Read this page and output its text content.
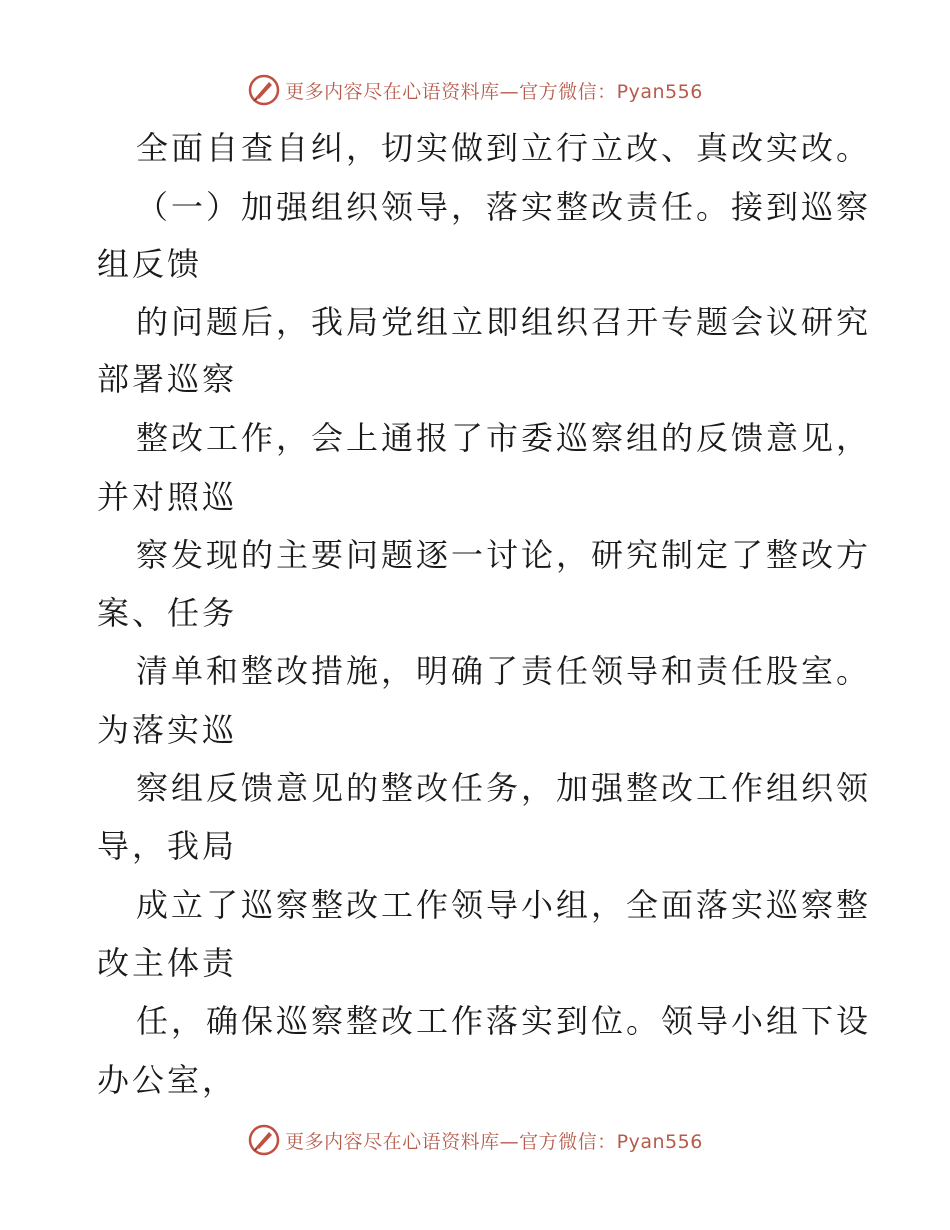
更多内容尽在心语资料库—官方微信：Pyan556
全面自查自纠，切实做到立行立改、真改实改。
（一）加强组织领导，落实整改责任。接到巡察
组反馈
的问题后，我局党组立即组织召开专题会议研究
部署巡察
整改工作，会上通报了市委巡察组的反馈意见，
并对照巡
察发现的主要问题逐一讨论，研究制定了整改方
案、任务
清单和整改措施，明确了责任领导和责任股室。
为落实巡
察组反馈意见的整改任务，加强整改工作组织领
导，我局
成立了巡察整改工作领导小组，全面落实巡察整
改主体责
任，确保巡察整改工作落实到位。领导小组下设
办公室，
更多内容尽在心语资料库—官方微信：Pyan556
